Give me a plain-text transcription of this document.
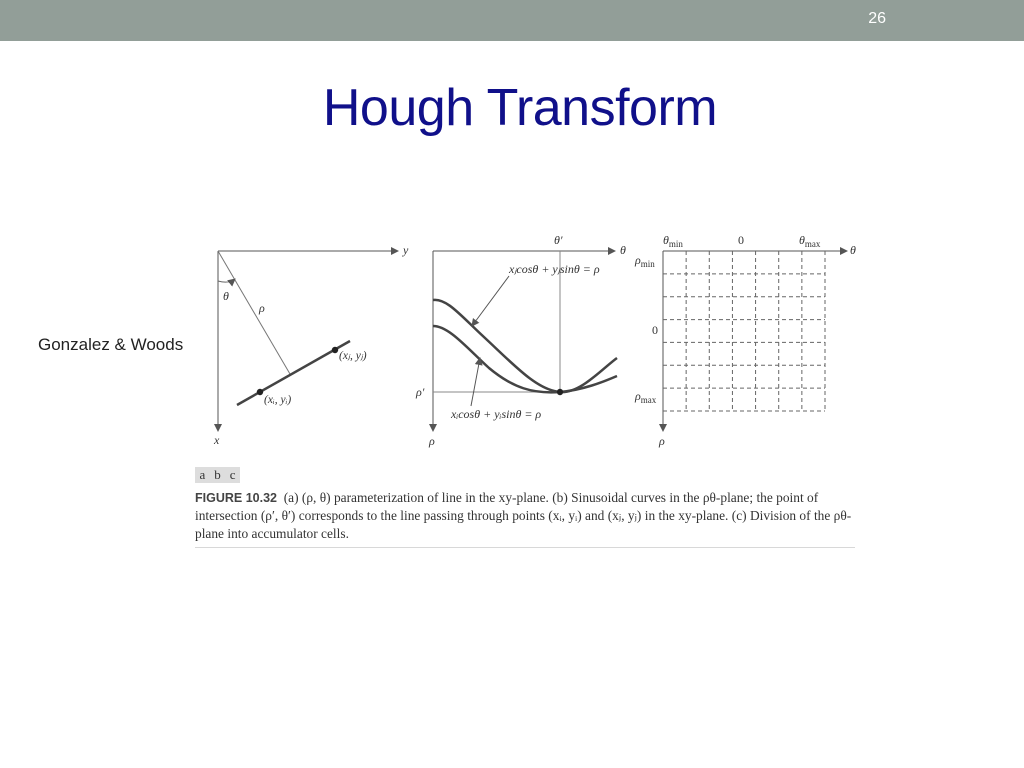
26
Hough Transform
Gonzalez & Woods
y
x
θ
ρ
(xⱼ, yⱼ)
(xᵢ, yᵢ)
θ′
θ
ρ′
ρ
xⱼcosθ + yⱼsinθ = ρ
xᵢcosθ + yᵢsinθ = ρ
$\theta_{min}$	0	$\theta_{max}$ θ
$\rho_{min}$
0
$\rho_{max}$
ρ
a b c
FIGURE 10.32 (a) (ρ, θ) parameterization of line in the xy-plane. (b) Sinusoidal curves in the ρθ-plane; the point of intersection (ρ′, θ′) corresponds to the line passing through points (xᵢ, yᵢ) and (xⱼ, yⱼ) in the xy-plane. (c) Division of the ρθ-plane into accumulator cells.
